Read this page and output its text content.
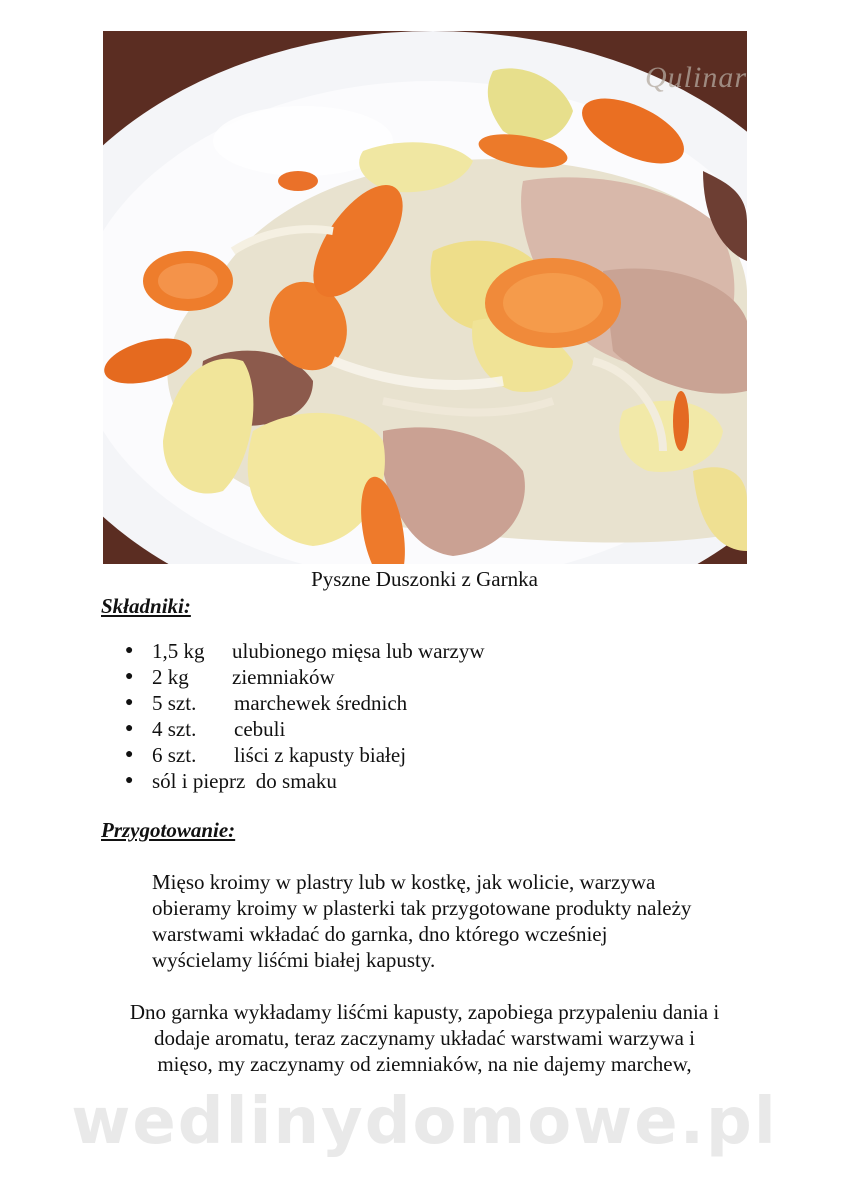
Qulinar
Pyszne Duszonki z Garnka
Składniki:
● 1,5 kg	ulubionego mięsa lub warzyw
● 2 kg	ziemniaków
● 5 szt.	marchewek średnich
● 4 szt.	cebuli
● 6 szt.	liści z kapusty białej
● sól i pieprz  do smaku
Przygotowanie:
Mięso kroimy w plastry lub w kostkę, jak wolicie, warzywa
obieramy kroimy w plasterki tak przygotowane produkty należy
warstwami wkładać do garnka, dno którego wcześniej
wyścielamy liśćmi białej kapusty.
Dno garnka wykładamy liśćmi kapusty, zapobiega przypaleniu dania i
dodaje aromatu, teraz zaczynamy układać warstwami warzywa i
mięso, my zaczynamy od ziemniaków, na nie dajemy marchew,
wedlinydomowe.pl
